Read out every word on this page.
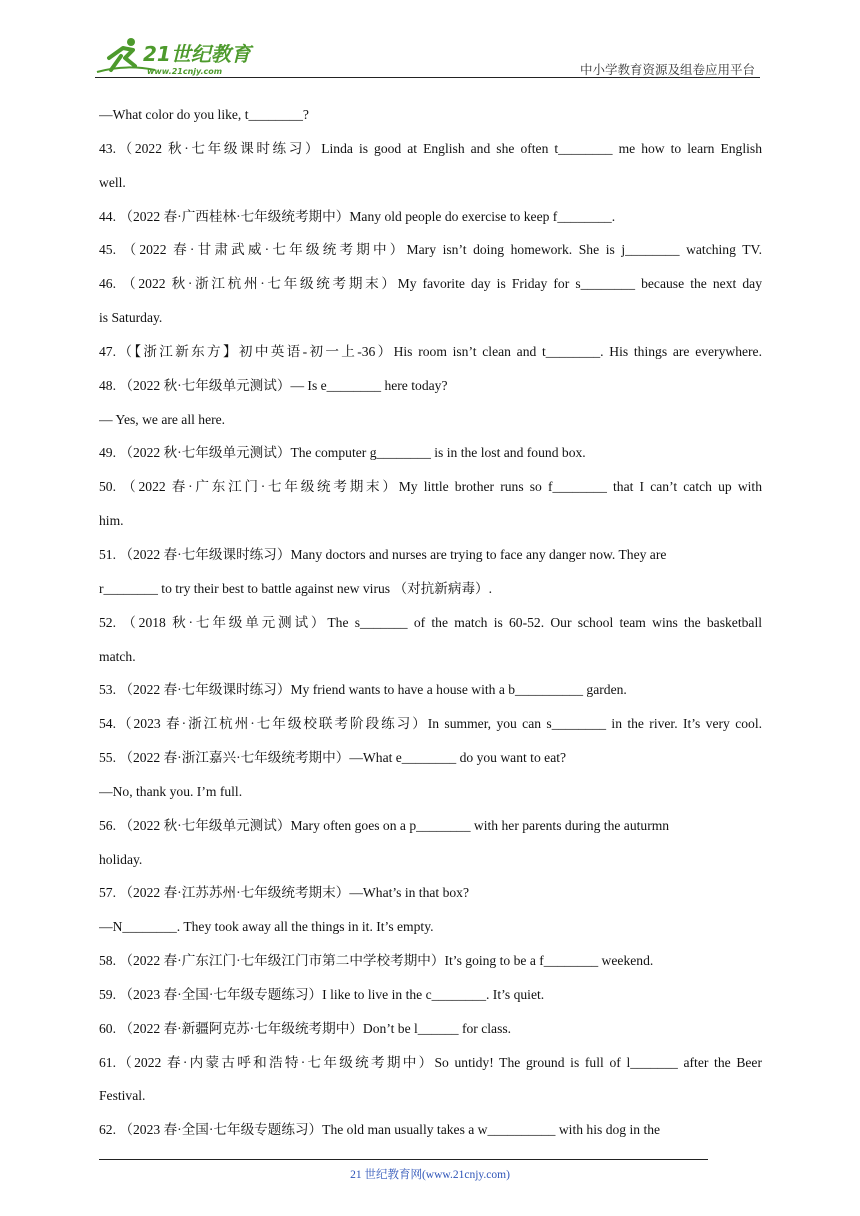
21世纪教育
www.21cnjy.com	中小学教育资源及组卷应用平台
—What color do you like, t________?
43.（2022 秋·七年级课时练习）Linda is good at English and she often t________ me how to learn English
well.
44. （2022 春·广西桂林·七年级统考期中）Many old people do exercise to keep f________.
45. （2022 春·甘肃武威·七年级统考期中）Mary isn’t doing homework. She is j________ watching TV.
46. （2022 秋·浙江杭州·七年级统考期末）My favorite day is Friday for s________ because the next day
is Saturday.
47.（【浙江新东方】初中英语-初一上-36）His room isn’t clean and t________. His things are everywhere.
48. （2022 秋·七年级单元测试）— Is e________ here today?
— Yes, we are all here.
49. （2022 秋·七年级单元测试）The computer g________ is in the lost and found box.
50. （2022 春·广东江门·七年级统考期末）My little brother runs so f________ that I can’t catch up with
him.
51. （2022 春·七年级课时练习）Many doctors and nurses are trying to face any danger now. They are
r________ to try their best to battle against new virus （对抗新病毒）.
52. （2018 秋·七年级单元测试）The s_______ of the match is 60-52. Our school team wins the basketball
match.
53. （2022 春·七年级课时练习）My friend wants to have a house with a b__________ garden.
54.（2023 春·浙江杭州·七年级校联考阶段练习）In summer, you can s________ in the river. It’s very cool.
55. （2022 春·浙江嘉兴·七年级统考期中）—What e________ do you want to eat?
—No, thank you. I’m full.
56. （2022 秋·七年级单元测试）Mary often goes on a p________ with her parents during the auturmn
holiday.
57. （2022 春·江苏苏州·七年级统考期末）—What’s in that box?
—N________. They took away all the things in it. It’s empty.
58. （2022 春·广东江门·七年级江门市第二中学校考期中）It’s going to be a f________ weekend.
59. （2023 春·全国·七年级专题练习）I like to live in the c________. It’s quiet.
60. （2022 春·新疆阿克苏·七年级统考期中）Don’t be l______ for class.
61.（2022 春·内蒙古呼和浩特·七年级统考期中）So untidy! The ground is full of l_______ after the Beer
Festival.
62. （2023 春·全国·七年级专题练习）The old man usually takes a w__________ with his dog in the
21 世纪教育网(www.21cnjy.com)
